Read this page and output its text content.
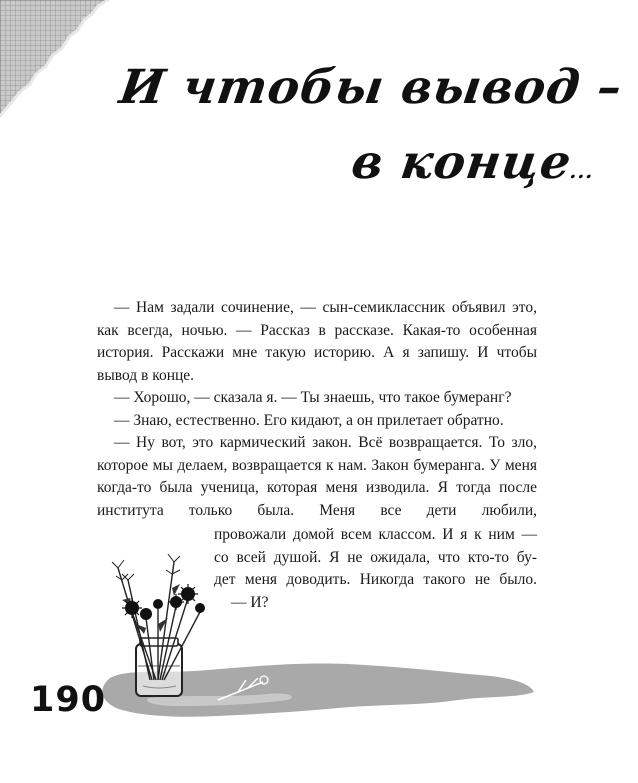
И чтобы вывод –
в конце...

— Нам задали сочинение, — сын-семиклассник объявил это, как всегда, ночью. — Рассказ в рассказе. Какая-то особенная история. Расскажи мне такую историю. А я запишу. И чтобы вывод в конце.

— Хорошо, — сказала я. — Ты знаешь, что такое бумеранг?

— Знаю, естественно. Его кидают, а он прилетает обратно.

— Ну вот, это кармический закон. Всё возвращается. То зло, которое мы делаем, возвращается к нам. Закон бумеранга. У меня когда-то была ученица, которая меня изводила. Я тогда после института только была. Меня все дети любили,

провожали домой всем классом. И я к ним —

со всей душой. Я не ожидала, что кто-то бу-

дет меня доводить. Никогда такого не было.

— И?

190
